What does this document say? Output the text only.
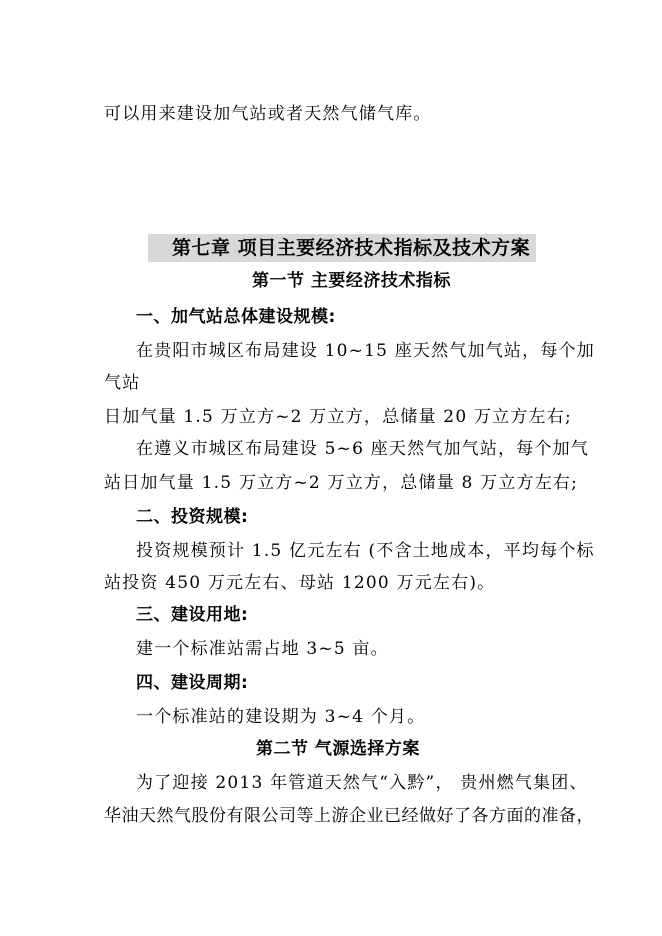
可以用来建设加气站或者天然气储气库。
第七章 项目主要经济技术指标及技术方案
第一节 主要经济技术指标
一、加气站总体建设规模:
在贵阳市城区布局建设 10~15 座天然气加气站，每个加
气站
日加气量 1.5 万立方~2 万立方，总储量 20 万立方左右;
在遵义市城区布局建设 5~6 座天然气加气站，每个加气
站日加气量 1.5 万立方~2 万立方，总储量 8 万立方左右;
二、投资规模:
投资规模预计 1.5 亿元左右 (不含土地成本，平均每个标
站投资 450 万元左右、母站 1200 万元左右)。
三、建设用地:
建一个标准站需占地 3~5 亩。
四、建设周期:
一个标准站的建设期为 3~4 个月。
第二节 气源选择方案
为了迎接 2013 年管道天然气“入黔”， 贵州燃气集团、
华油天然气股份有限公司等上游企业已经做好了各方面的准备，
